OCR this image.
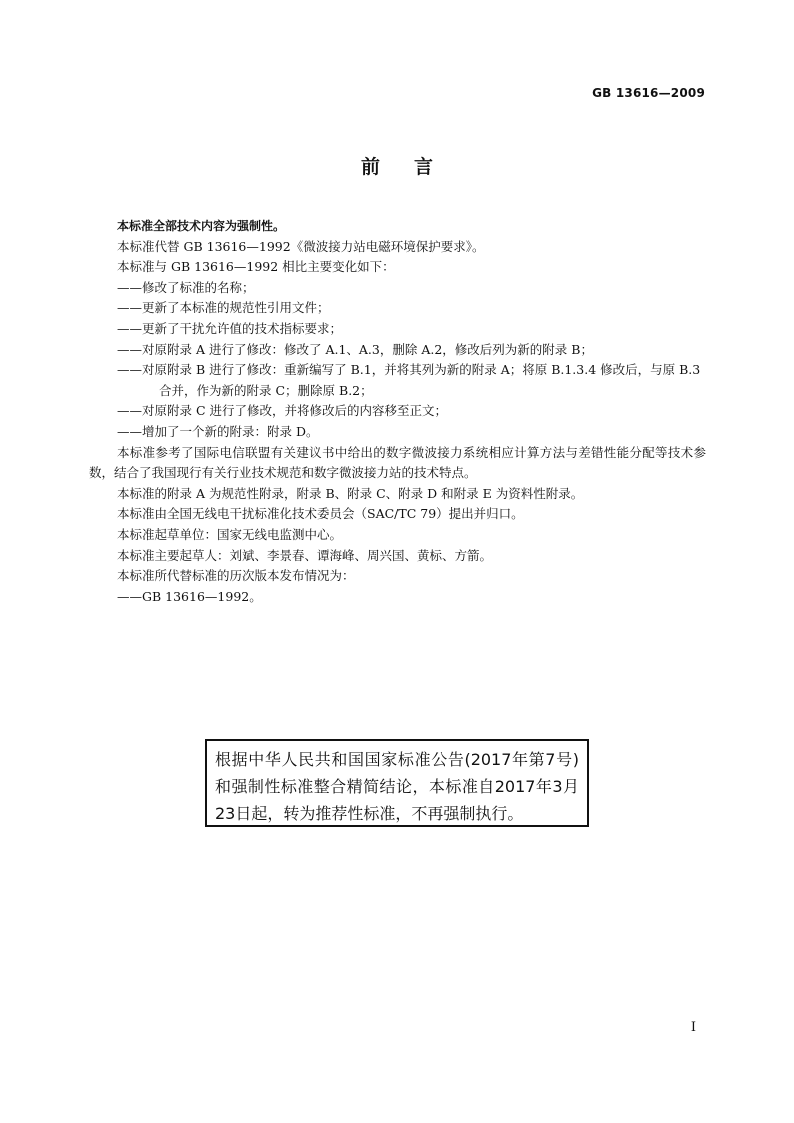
GB 13616—2009
前言

本标准全部技术内容为强制性。

本标准代替 GB 13616—1992《微波接力站电磁环境保护要求》。

本标准与 GB 13616—1992 相比主要变化如下：

——修改了标准的名称；

——更新了本标准的规范性引用文件；

——更新了干扰允许值的技术指标要求；

——对原附录 A 进行了修改：修改了 A.1、A.3，删除 A.2，修改后列为新的附录 B；

——对原附录 B 进行了修改：重新编写了 B.1，并将其列为新的附录 A；将原 B.1.3.4 修改后，与原 B.3 合并，作为新的附录 C；删除原 B.2；

——对原附录 C 进行了修改，并将修改后的内容移至正文；

——增加了一个新的附录：附录 D。

本标准参考了国际电信联盟有关建议书中给出的数字微波接力系统相应计算方法与差错性能分配等技术参数，结合了我国现行有关行业技术规范和数字微波接力站的技术特点。

本标准的附录 A 为规范性附录，附录 B、附录 C、附录 D 和附录 E 为资料性附录。

本标准由全国无线电干扰标准化技术委员会（SAC/TC 79）提出并归口。

本标准起草单位：国家无线电监测中心。

本标准主要起草人：刘斌、李景春、谭海峰、周兴国、黄标、方箭。

本标准所代替标准的历次版本发布情况为：

——GB 13616—1992。

根据中华人民共和国国家标准公告(2017年第7号)和强制性标准整合精简结论，本标准自2017年3月23日起，转为推荐性标准，不再强制执行。
I
